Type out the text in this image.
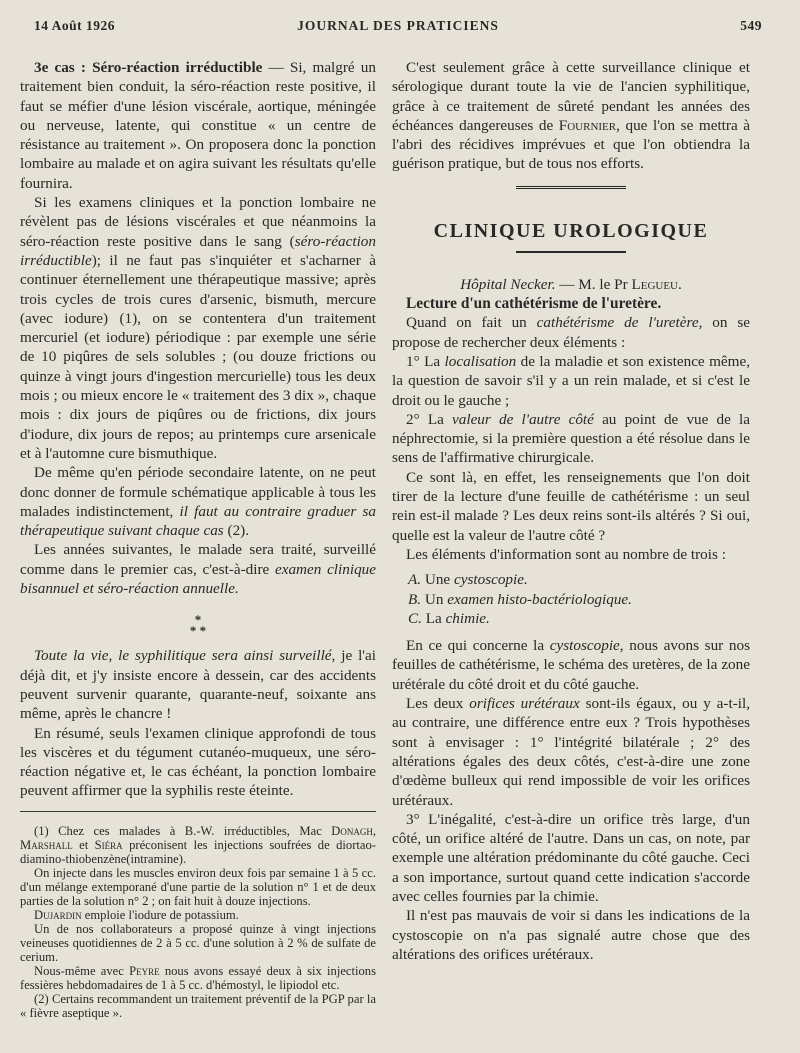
14 Août 1926	JOURNAL DES PRATICIENS	549

3e cas : Séro-réaction irréductible — Si, malgré un traitement bien conduit, la séro-réaction reste positive, il faut se méfier d'une lésion viscérale, aortique, méningée ou nerveuse, latente, qui constitue « un centre de résistance au traitement ». On proposera donc la ponction lombaire au malade et on agira suivant les résultats qu'elle fournira.

Si les examens cliniques et la ponction lombaire ne révèlent pas de lésions viscérales et que néanmoins la séro-réaction reste positive dans le sang (séro-réaction irréductible); il ne faut pas s'inquiéter et s'acharner à continuer éternellement une thérapeutique massive; après trois cycles de trois cures d'arsenic, bismuth, mercure (avec iodure) (1), on se contentera d'un traitement mercuriel (et iodure) périodique : par exemple une série de 10 piqûres de sels solubles ; (ou douze frictions ou quinze à vingt jours d'ingestion mercurielle) tous les deux mois ; ou mieux encore le « traitement des 3 dix », chaque mois : dix jours de piqûres ou de frictions, dix jours d'iodure, dix jours de repos; au printemps cure arsenicale et à l'automne cure bismuthique.

De même qu'en période secondaire latente, on ne peut donc donner de formule schématique applicable à tous les malades indistinctement, il faut au contraire graduer sa thérapeutique suivant chaque cas (2).

Les années suivantes, le malade sera traité, surveillé comme dans le premier cas, c'est-à-dire examen clinique bisannuel et séro-réaction annuelle.

*
* *

Toute la vie, le syphilitique sera ainsi surveillé, je l'ai déjà dit, et j'y insiste encore à dessein, car des accidents peuvent survenir quarante, quarante-neuf, soixante ans même, après le chancre !

En résumé, seuls l'examen clinique approfondi de tous les viscères et du tégument cutanéo-muqueux, une séro-réaction négative et, le cas échéant, la ponction lombaire peuvent affirmer que la syphilis reste éteinte.

(1) Chez ces malades à B.-W. irréductibles, Mac Donagh, Marshall et Siéra préconisent les injections soufrées de diortao-diamino-thiobenzène(intramine).

On injecte dans les muscles environ deux fois par semaine 1 à 5 cc. d'un mélange extemporané d'une partie de la solution n° 1 et de deux parties de la solution n° 2 ; on fait huit à douze injections.

Dujardin emploie l'iodure de potassium.

Un de nos collaborateurs a proposé quinze à vingt injections veineuses quotidiennes de 2 à 5 cc. d'une solution à 2 % de sulfate de cerium.

Nous-même avec Peyre nous avons essayé deux à six injections fessières hebdomadaires de 1 à 5 cc. d'hémostyl, le lipiodol etc.

(2) Certains recommandent un traitement préventif de la PGP par la « fièvre aseptique ».

C'est seulement grâce à cette surveillance clinique et sérologique durant toute la vie de l'ancien syphilitique, grâce à ce traitement de sûreté pendant les années des échéances dangereuses de Fournier, que l'on se mettra à l'abri des récidives imprévues et que l'on obtiendra la guérison pratique, but de tous nos efforts.

CLINIQUE UROLOGIQUE

Hôpital Necker. — M. le Pr Legueu.

Lecture d'un cathétérisme de l'uretère.

Quand on fait un cathétérisme de l'uretère, on se propose de rechercher deux éléments :

1° La localisation de la maladie et son existence même, la question de savoir s'il y a un rein malade, et si c'est le droit ou le gauche ;

2° La valeur de l'autre côté au point de vue de la néphrectomie, si la première question a été résolue dans le sens de l'affirmative chirurgicale.

Ce sont là, en effet, les renseignements que l'on doit tirer de la lecture d'une feuille de cathétérisme : un seul rein est-il malade ? Les deux reins sont-ils altérés ? Si oui, quelle est la valeur de l'autre côté ?

Les éléments d'information sont au nombre de trois :

A. Une cystoscopie.

B. Un examen histo-bactériologique.

C. La chimie.

En ce qui concerne la cystoscopie, nous avons sur nos feuilles de cathétérisme, le schéma des uretères, de la zone urétérale du côté droit et du côté gauche.

Les deux orifices urétéraux sont-ils égaux, ou y a-t-il, au contraire, une différence entre eux ? Trois hypothèses sont à envisager : 1° l'intégrité bilatérale ; 2° des altérations égales des deux côtés, c'est-à-dire une zone d'œdème bulleux qui rend impossible de voir les orifices urétéraux.

3° L'inégalité, c'est-à-dire un orifice très large, d'un côté, un orifice altéré de l'autre. Dans un cas, on note, par exemple une altération prédominante du côté gauche. Ceci a son importance, surtout quand cette indication s'accorde avec celles fournies par la chimie.

Il n'est pas mauvais de voir si dans les indications de la cystoscopie on n'a pas signalé autre chose que des altérations des orifices urétéraux.
